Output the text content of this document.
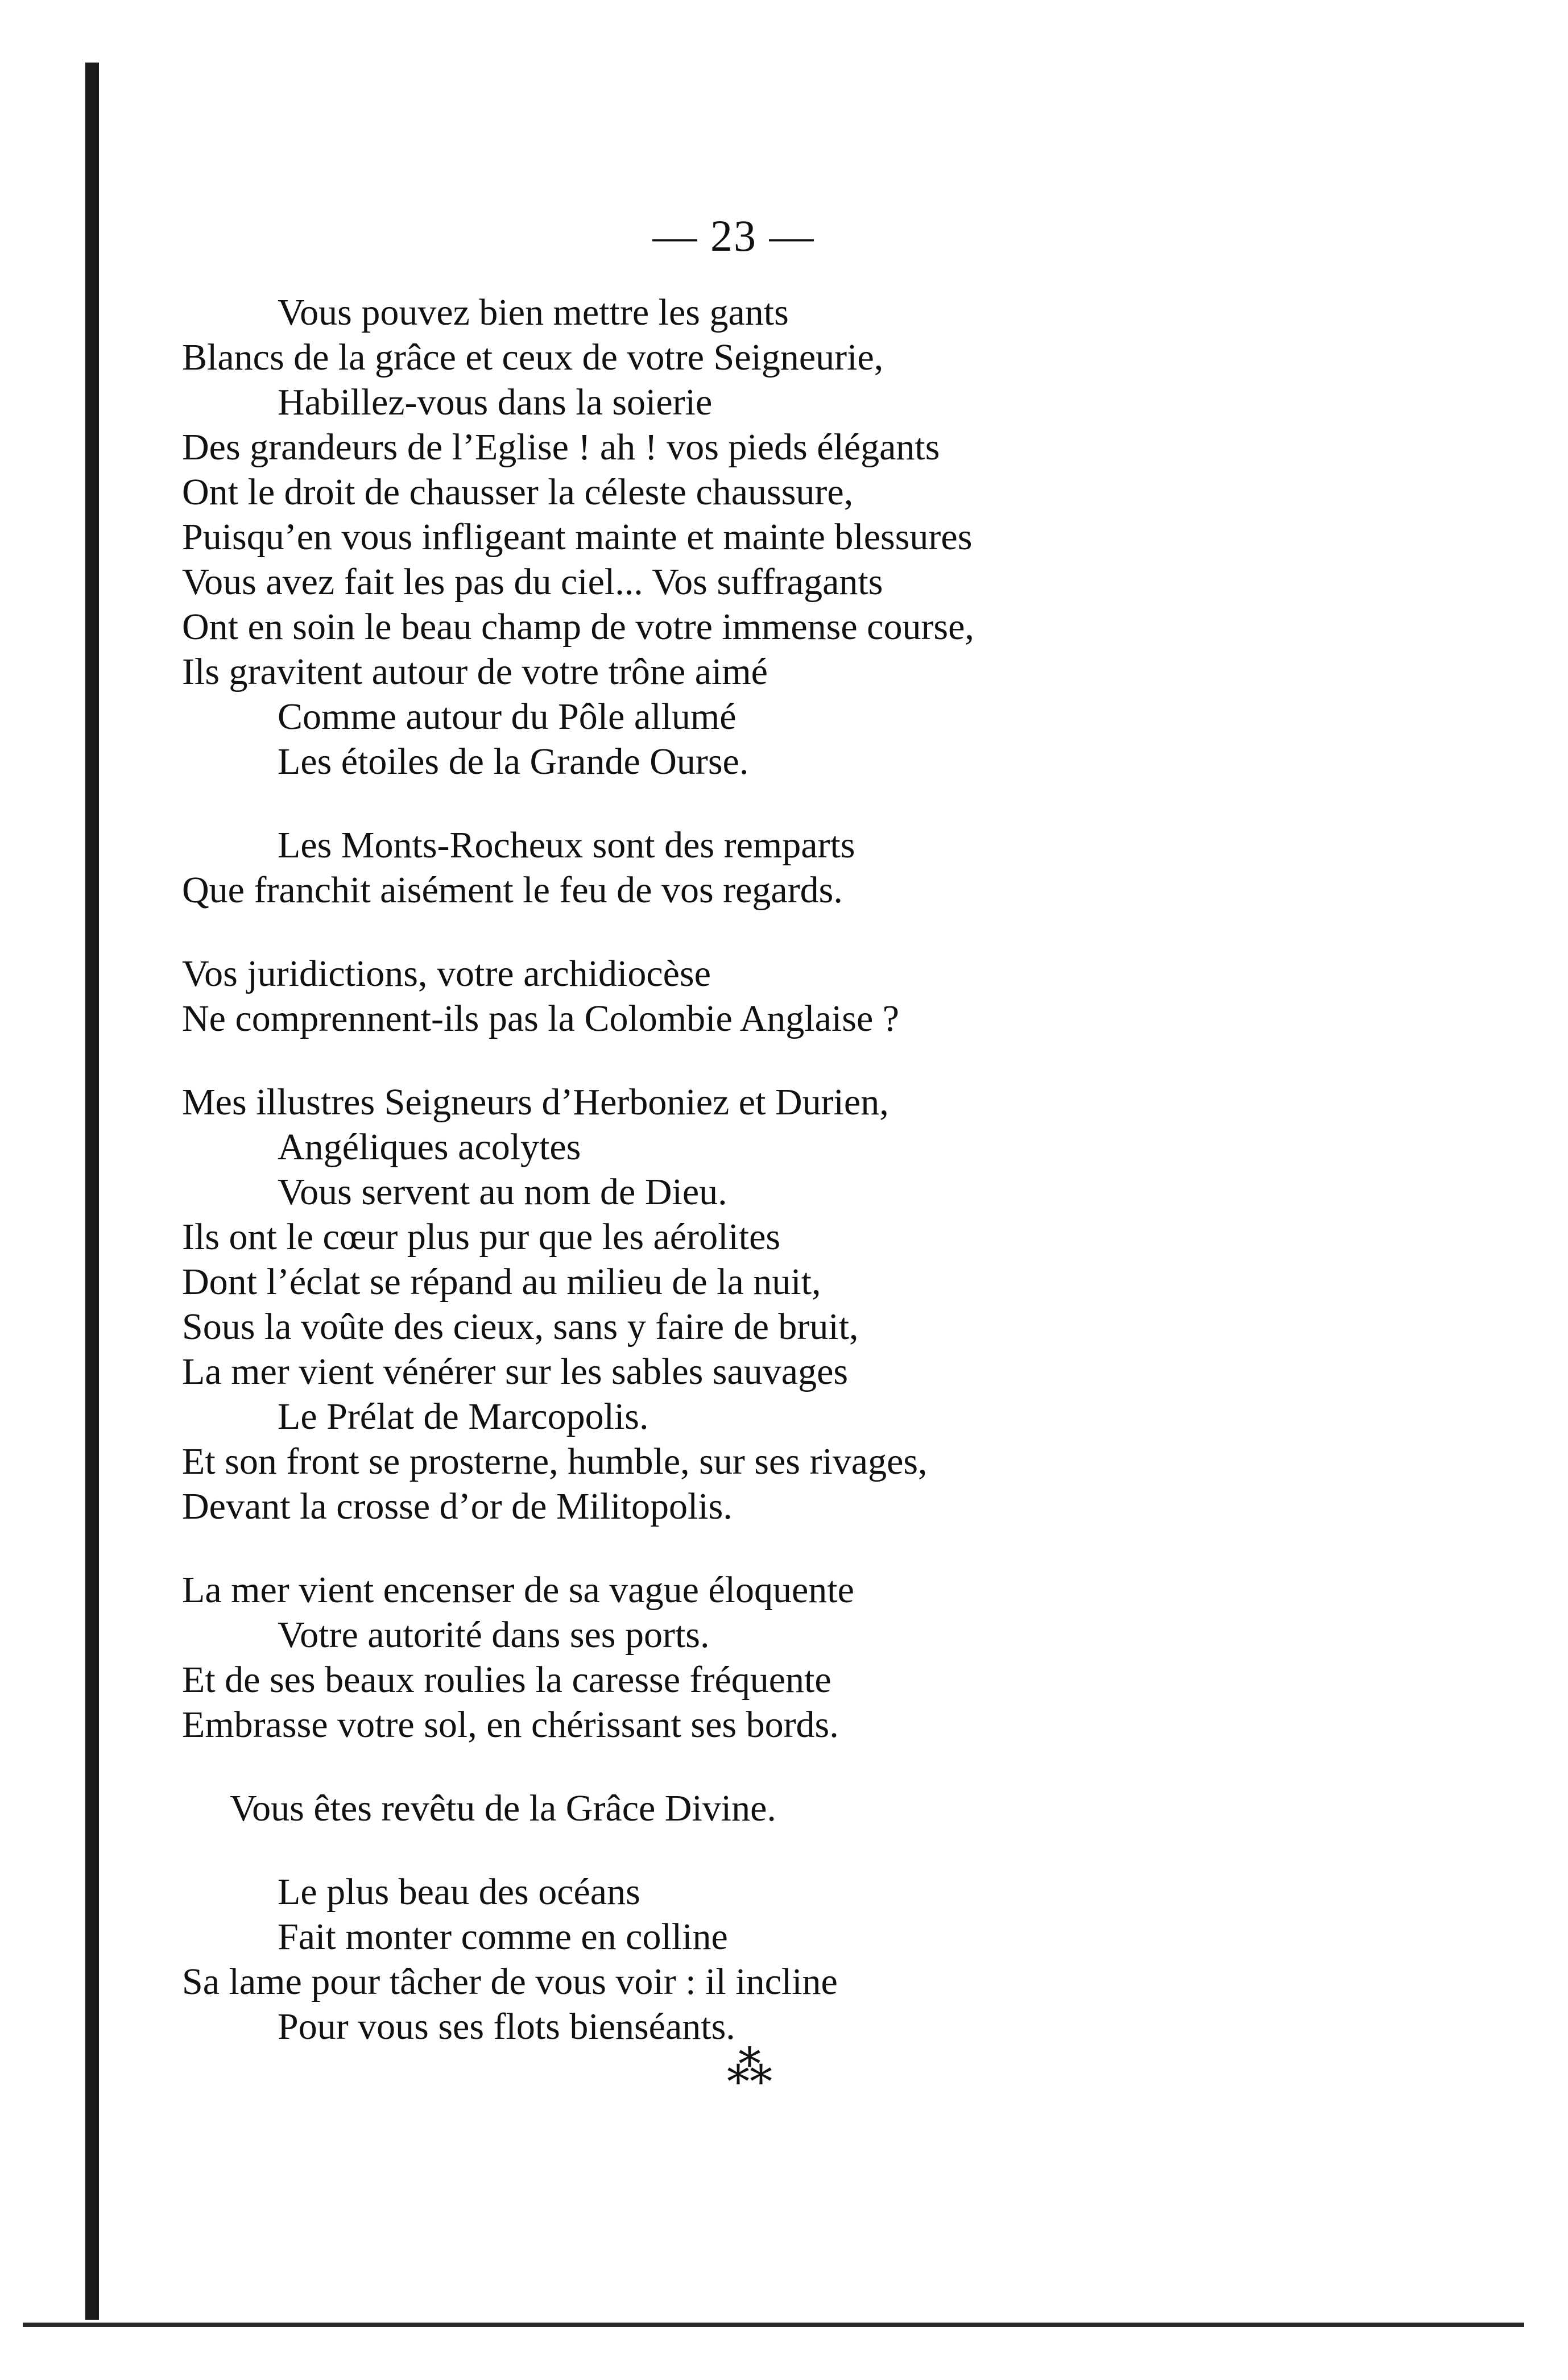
— 23 —
Vous pouvez bien mettre les gants
Blancs de la grâce et ceux de votre Seigneurie,
Habillez-vous dans la soierie
Des grandeurs de l’Eglise ! ah ! vos pieds élégants
Ont le droit de chausser la céleste chaussure,
Puisqu’en vous infligeant mainte et mainte blessures
Vous avez fait les pas du ciel... Vos suffragants
Ont en soin le beau champ de votre immense course,
Ils gravitent autour de votre trône aimé
Comme autour du Pôle allumé
Les étoiles de la Grande Ourse.
Les Monts-Rocheux sont des remparts
Que franchit aisément le feu de vos regards.
Vos juridictions, votre archidiocèse
Ne comprennent-ils pas la Colombie Anglaise ?
Mes illustres Seigneurs d’Herboniez et Durien,
Angéliques acolytes
Vous servent au nom de Dieu.
Ils ont le cœur plus pur que les aérolites
Dont l’éclat se répand au milieu de la nuit,
Sous la voûte des cieux, sans y faire de bruit,
La mer vient vénérer sur les sables sauvages
Le Prélat de Marcopolis.
Et son front se prosterne, humble, sur ses rivages,
Devant la crosse d’or de Militopolis.
La mer vient encenser de sa vague éloquente
Votre autorité dans ses ports.
Et de ses beaux roulies la caresse fréquente
Embrasse votre sol, en chérissant ses bords.
Vous êtes revêtu de la Grâce Divine.
Le plus beau des océans
Fait monter comme en colline
Sa lame pour tâcher de vous voir : il incline
Pour vous ses flots bienséants.
⁂
